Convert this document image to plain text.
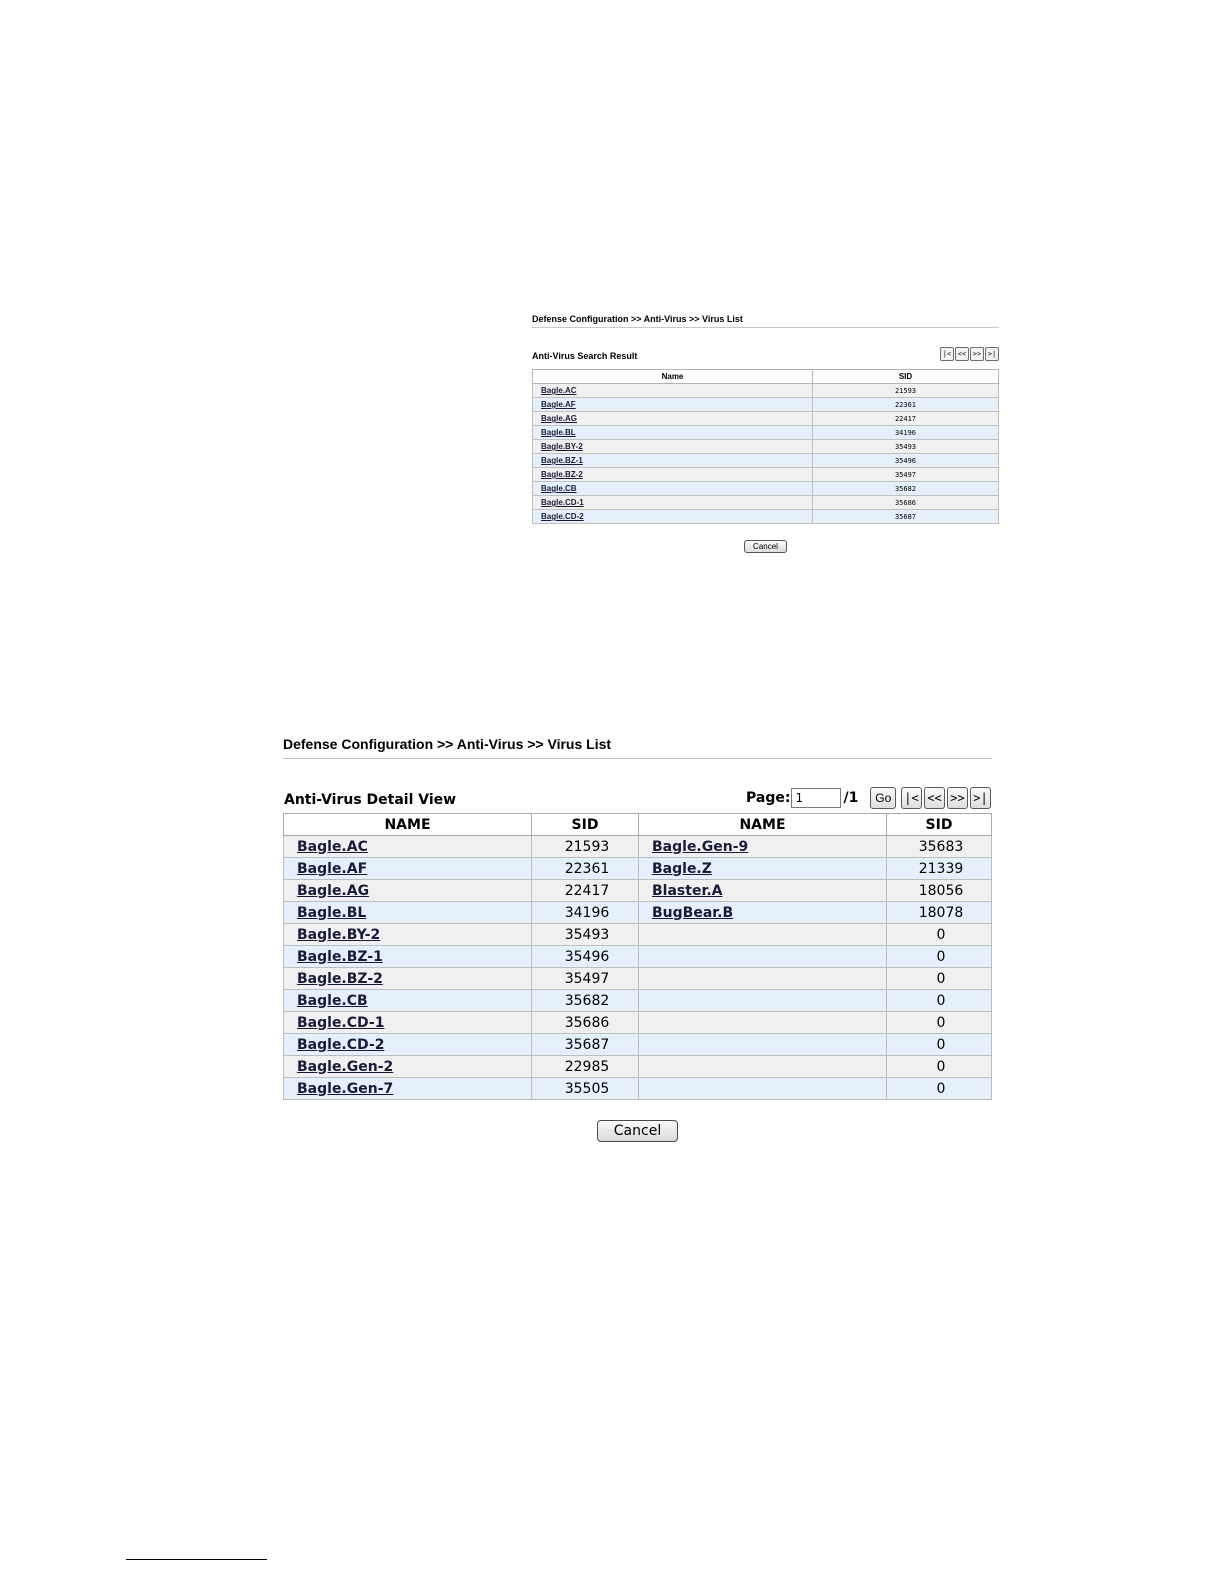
Defense Configuration >> Anti-Virus >> Virus List
Anti-Virus Search Result	|< << >> >|
Name	SID
Bagle.AC	21593
Bagle.AF	22361
Bagle.AG	22417
Bagle.BL	34196
Bagle.BY-2	35493
Bagle.BZ-1	35496
Bagle.BZ-2	35497
Bagle.CB	35682
Bagle.CD-1	35686
Bagle.CD-2	35687
Cancel
Defense Configuration >> Anti-Virus >> Virus List
Anti-Virus Detail View	Page:
1	/1	Go	|< << >> >|
NAME	SID	NAME	SID
Bagle.AC	21593	Bagle.Gen-9	35683
Bagle.AF	22361	Bagle.Z	21339
Bagle.AG	22417	Blaster.A	18056
Bagle.BL	34196	BugBear.B	18078
Bagle.BY-2	35493		0
Bagle.BZ-1	35496		0
Bagle.BZ-2	35497		0
Bagle.CB	35682		0
Bagle.CD-1	35686		0
Bagle.CD-2	35687		0
Bagle.Gen-2	22985		0
Bagle.Gen-7	35505		0
Cancel
